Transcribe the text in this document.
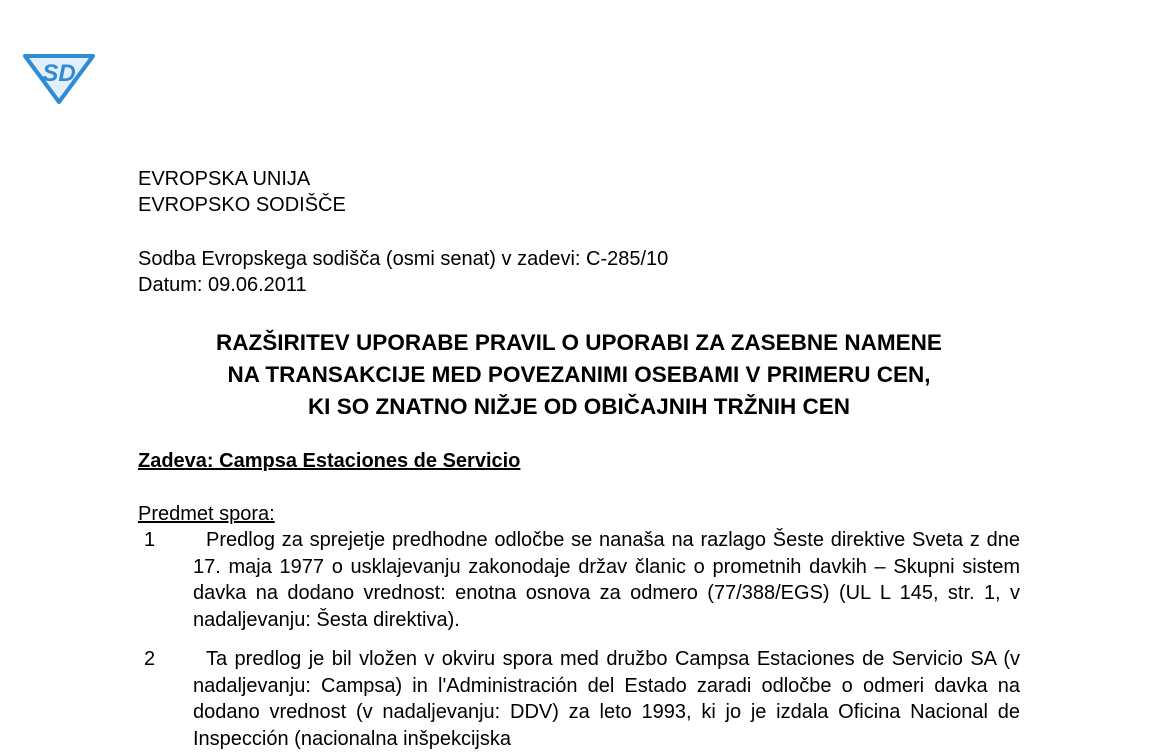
SD
EVROPSKA UNIJA
EVROPSKO SODIŠČE
Sodba Evropskega sodišča (osmi senat) v zadevi: C-285/10
Datum: 09.06.2011
RAZŠIRITEV UPORABE PRAVIL O UPORABI ZA ZASEBNE NAMENE
NA TRANSAKCIJE MED POVEZANIMI OSEBAMI V PRIMERU CEN,
KI SO ZNATNO NIŽJE OD OBIČAJNIH TRŽNIH CEN
Zadeva: Campsa Estaciones de Servicio
Predmet spora:
1	Predlog za sprejetje predhodne odločbe se nanaša na razlago Šeste direktive Sveta z dne 17. maja 1977 o usklajevanju zakonodaje držav članic o prometnih davkih – Skupni sistem davka na dodano vrednost: enotna osnova za odmero (77/388/EGS) (UL L 145, str. 1, v nadaljevanju: Šesta direktiva).
2	Ta predlog je bil vložen v okviru spora med družbo Campsa Estaciones de Servicio SA (v nadaljevanju: Campsa) in l'Administración del Estado zaradi odločbe o odmeri davka na dodano vrednost (v nadaljevanju: DDV) za leto 1993, ki jo je izdala Oficina Nacional de Inspección (nacionalna inšpekcijska
